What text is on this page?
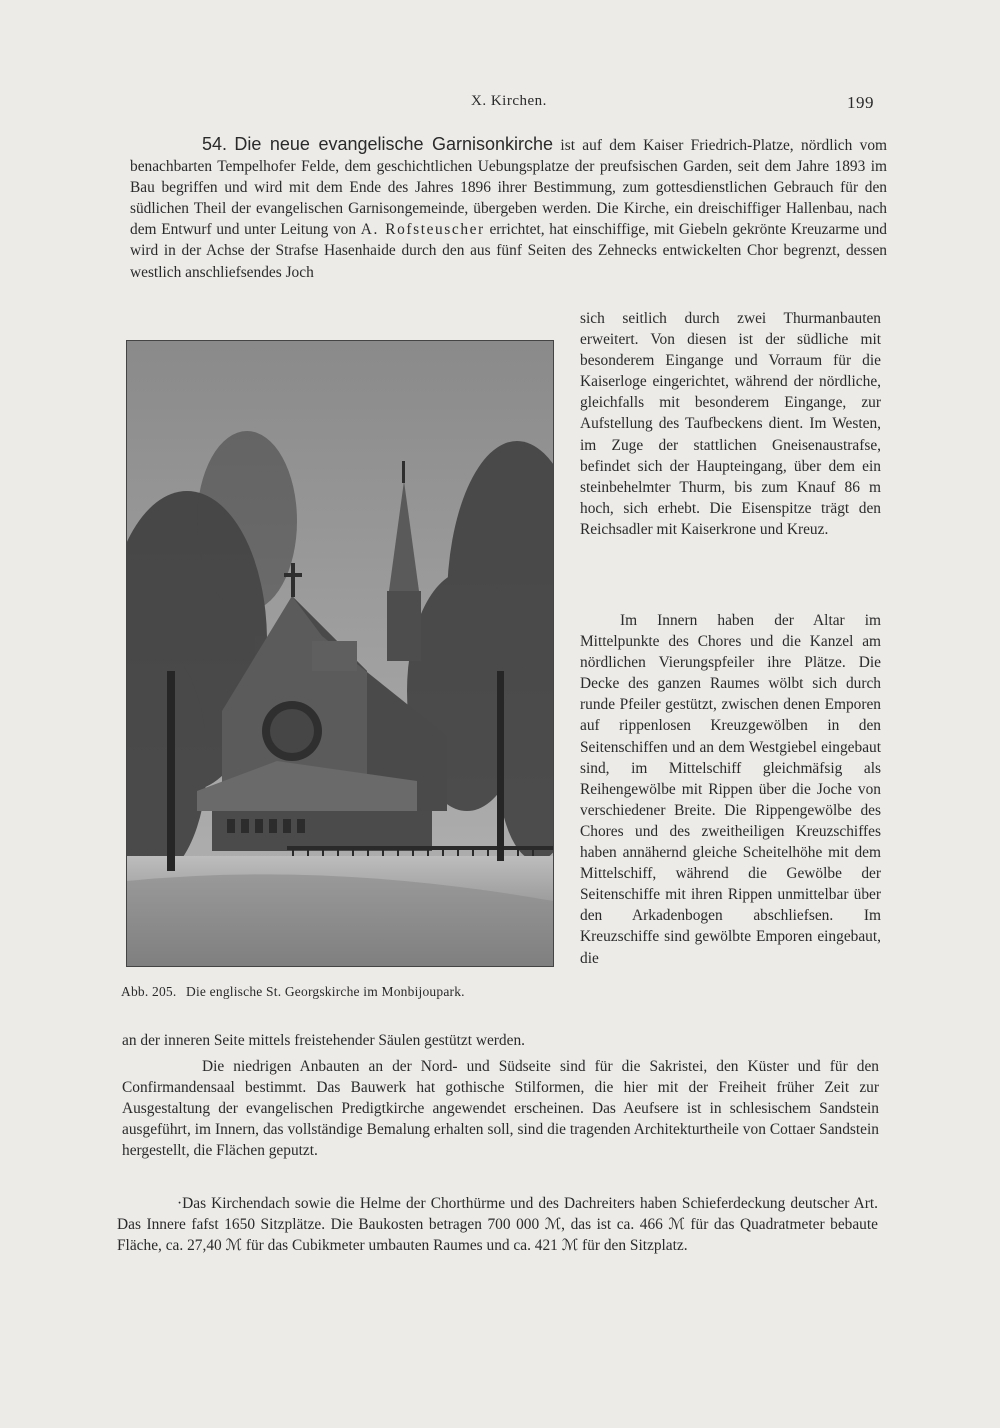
X. Kirchen.	199

54. Die neue evangelische Garnisonkirche ist auf dem Kaiser Friedrich-Platze, nördlich vom benachbarten Tempelhofer Felde, dem geschichtlichen Uebungsplatze der preufsischen Garden, seit dem Jahre 1893 im Bau begriffen und wird mit dem Ende des Jahres 1896 ihrer Bestimmung, zum gottesdienstlichen Gebrauch für den südlichen Theil der evangelischen Garnisongemeinde, übergeben werden. Die Kirche, ein dreischiffiger Hallenbau, nach dem Entwurf und unter Leitung von A. Rofsteuscher errichtet, hat einschiffige, mit Giebeln gekrönte Kreuzarme und wird in der Achse der Strafse Hasenhaide durch den aus fünf Seiten des Zehnecks entwickelten Chor begrenzt, dessen westlich anschliefsendes Joch

sich seitlich durch zwei Thurmanbauten erweitert. Von diesen ist der südliche mit besonderem Eingange und Vorraum für die Kaiserloge eingerichtet, während der nördliche, gleichfalls mit besonderem Eingange, zur Aufstellung des Taufbeckens dient. Im Westen, im Zuge der stattlichen Gneisenaustrafse, befindet sich der Haupteingang, über dem ein steinbehelmter Thurm, bis zum Knauf 86 m hoch, sich erhebt. Die Eisenspitze trägt den Reichsadler mit Kaiserkrone und Kreuz.

Im Innern haben der Altar im Mittelpunkte des Chores und die Kanzel am nördlichen Vierungspfeiler ihre Plätze. Die Decke des ganzen Raumes wölbt sich durch runde Pfeiler gestützt, zwischen denen Emporen auf rippenlosen Kreuzgewölben in den Seitenschiffen und an dem Westgiebel eingebaut sind, im Mittelschiff gleichmäfsig als Reihengewölbe mit Rippen über die Joche von verschiedener Breite. Die Rippengewölbe des Chores und des zweitheiligen Kreuzschiffes haben annähernd gleiche Scheitelhöhe mit dem Mittelschiff, während die Gewölbe der Seitenschiffe mit ihren Rippen unmittelbar über den Arkadenbogen abschliefsen. Im Kreuzschiffe sind gewölbte Emporen eingebaut, die

an der inneren Seite mittels freistehender Säulen gestützt werden.

Die niedrigen Anbauten an der Nord- und Südseite sind für die Sakristei, den Küster und für den Confirmandensaal bestimmt. Das Bauwerk hat gothische Stilformen, die hier mit der Freiheit früher Zeit zur Ausgestaltung der evangelischen Predigtkirche angewendet erscheinen. Das Aeufsere ist in schlesischem Sandstein ausgeführt, im Innern, das vollständige Bemalung erhalten soll, sind die tragenden Architekturtheile von Cottaer Sandstein hergestellt, die Flächen geputzt.

·Das Kirchendach sowie die Helme der Chorthürme und des Dachreiters haben Schieferdeckung deutscher Art. Das Innere fafst 1650 Sitzplätze. Die Baukosten betragen 700 000 ℳ, das ist ca. 466 ℳ für das Quadratmeter bebaute Fläche, ca. 27,40 ℳ für das Cubikmeter umbauten Raumes und ca. 421 ℳ für den Sitzplatz.

Abb. 205. Die englische St. Georgskirche im Monbijoupark.
